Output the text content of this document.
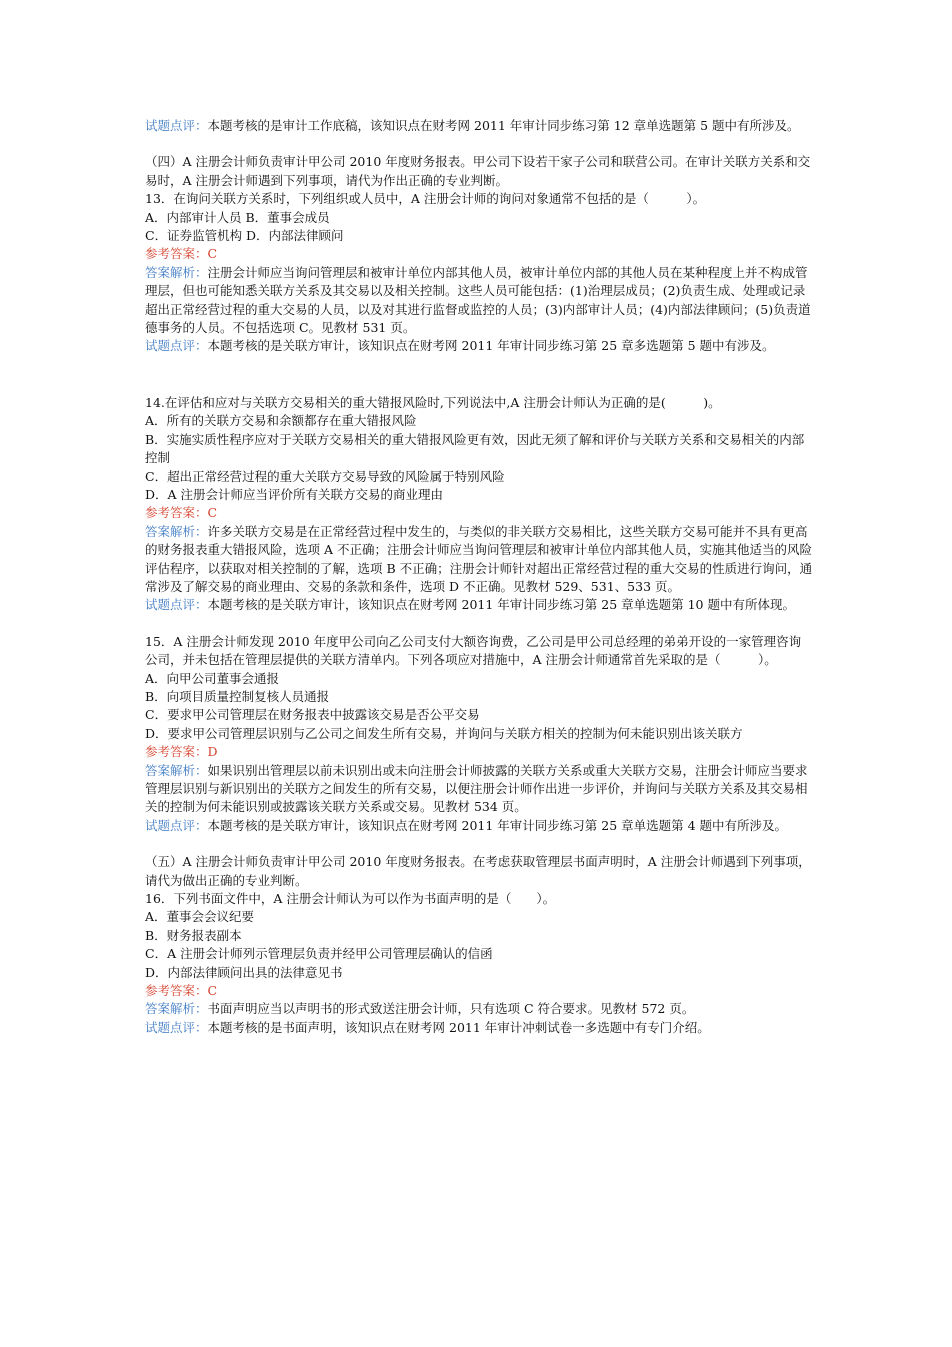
试题点评：本题考核的是审计工作底稿，该知识点在财考网 2011 年审计同步练习第 12 章单选题第 5 题中有所涉及。

（四）A 注册会计师负责审计甲公司 2010 年度财务报表。甲公司下设若干家子公司和联营公司。在审计关联方关系和交易时，A 注册会计师遇到下列事项，请代为作出正确的专业判断。

13．在询问关联方关系时，下列组织或人员中，A 注册会计师的询问对象通常不包括的是（　　　）。

A．内部审计人员 B．董事会成员

C．证券监管机构 D．内部法律顾问

参考答案：C

答案解析：注册会计师应当询问管理层和被审计单位内部其他人员，被审计单位内部的其他人员在某种程度上并不构成管理层，但也可能知悉关联方关系及其交易以及相关控制。这些人员可能包括：(1)治理层成员；(2)负责生成、处理或记录超出正常经营过程的重大交易的人员，以及对其进行监督或监控的人员；(3)内部审计人员；(4)内部法律顾问；(5)负责道德事务的人员。不包括选项 C。见教材 531 页。

试题点评：本题考核的是关联方审计，该知识点在财考网 2011 年审计同步练习第 25 章多选题第 5 题中有涉及。

14.在评估和应对与关联方交易相关的重大错报风险时,下列说法中,A 注册会计师认为正确的是(　　　)。

A．所有的关联方交易和余额都存在重大错报风险

B．实施实质性程序应对于关联方交易相关的重大错报风险更有效，因此无须了解和评价与关联方关系和交易相关的内部控制

C．超出正常经营过程的重大关联方交易导致的风险属于特别风险

D．A 注册会计师应当评价所有关联方交易的商业理由

参考答案：C

答案解析：许多关联方交易是在正常经营过程中发生的，与类似的非关联方交易相比，这些关联方交易可能并不具有更高的财务报表重大错报风险，选项 A 不正确；注册会计师应当询问管理层和被审计单位内部其他人员，实施其他适当的风险评估程序，以获取对相关控制的了解，选项 B 不正确；注册会计师针对超出正常经营过程的重大交易的性质进行询问，通常涉及了解交易的商业理由、交易的条款和条件，选项 D 不正确。见教材 529、531、533 页。

试题点评：本题考核的是关联方审计，该知识点在财考网 2011 年审计同步练习第 25 章单选题第 10 题中有所体现。

15．A 注册会计师发现 2010 年度甲公司向乙公司支付大额咨询费，乙公司是甲公司总经理的弟弟开设的一家管理咨询公司，并未包括在管理层提供的关联方清单内。下列各项应对措施中，A 注册会计师通常首先采取的是（　　　）。

A．向甲公司董事会通报

B．向项目质量控制复核人员通报

C．要求甲公司管理层在财务报表中披露该交易是否公平交易

D．要求甲公司管理层识别与乙公司之间发生所有交易，并询问与关联方相关的控制为何未能识别出该关联方

参考答案：D

答案解析：如果识别出管理层以前未识别出或未向注册会计师披露的关联方关系或重大关联方交易，注册会计师应当要求管理层识别与新识别出的关联方之间发生的所有交易，以便注册会计师作出进一步评价，并询问与关联方关系及其交易相关的控制为何未能识别或披露该关联方关系或交易。见教材 534 页。

试题点评：本题考核的是关联方审计，该知识点在财考网 2011 年审计同步练习第 25 章单选题第 4 题中有所涉及。

（五）A 注册会计师负责审计甲公司 2010 年度财务报表。在考虑获取管理层书面声明时，A 注册会计师遇到下列事项，请代为做出正确的专业判断。

16．下列书面文件中，A 注册会计师认为可以作为书面声明的是（　　）。

A．董事会会议纪要

B．财务报表副本

C．A 注册会计师列示管理层负责并经甲公司管理层确认的信函

D．内部法律顾问出具的法律意见书

参考答案：C

答案解析：书面声明应当以声明书的形式致送注册会计师，只有选项 C 符合要求。见教材 572 页。

试题点评：本题考核的是书面声明，该知识点在财考网 2011 年审计冲刺试卷一多选题中有专门介绍。
